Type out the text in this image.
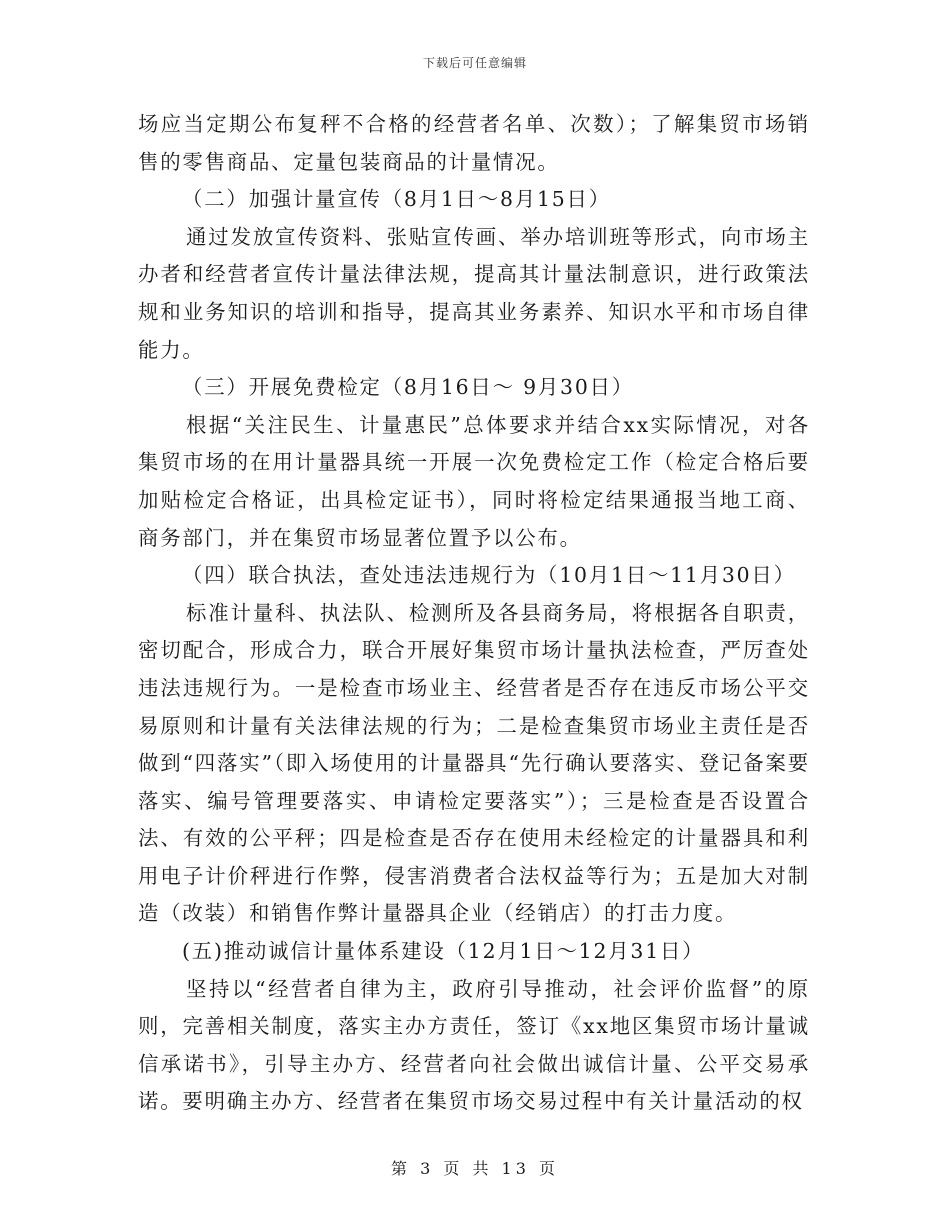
下载后可任意编辑

场应当定期公布复秤不合格的经营者名单、次数）；了解集贸市场销售的零售商品、定量包装商品的计量情况。

（二）加强计量宣传（8月1日～8月15日）

通过发放宣传资料、张贴宣传画、举办培训班等形式，向市场主办者和经营者宣传计量法律法规，提高其计量法制意识，进行政策法规和业务知识的培训和指导，提高其业务素养、知识水平和市场自律能力。

（三）开展免费检定（8月16日～ 9月30日）

根据“关注民生、计量惠民”总体要求并结合xx实际情况，对各集贸市场的在用计量器具统一开展一次免费检定工作（检定合格后要加贴检定合格证，出具检定证书），同时将检定结果通报当地工商、商务部门，并在集贸市场显著位置予以公布。

（四）联合执法，查处违法违规行为（10月1日～11月30日）

标准计量科、执法队、检测所及各县商务局，将根据各自职责，密切配合，形成合力，联合开展好集贸市场计量执法检查，严厉查处违法违规行为。一是检查市场业主、经营者是否存在违反市场公平交易原则和计量有关法律法规的行为；二是检查集贸市场业主责任是否做到“四落实”（即入场使用的计量器具“先行确认要落实、登记备案要落实、编号管理要落实、申请检定要落实”）；三是检查是否设置合法、有效的公平秤；四是检查是否存在使用未经检定的计量器具和利用电子计价秤进行作弊，侵害消费者合法权益等行为；五是加大对制造（改装）和销售作弊计量器具企业（经销店）的打击力度。

(五)推动诚信计量体系建设（12月1日～12月31日）

坚持以“经营者自律为主，政府引导推动，社会评价监督”的原则，完善相关制度，落实主办方责任，签订《xx地区集贸市场计量诚信承诺书》，引导主办方、经营者向社会做出诚信计量、公平交易承诺。要明确主办方、经营者在集贸市场交易过程中有关计量活动的权

第 3 页 共 13 页
